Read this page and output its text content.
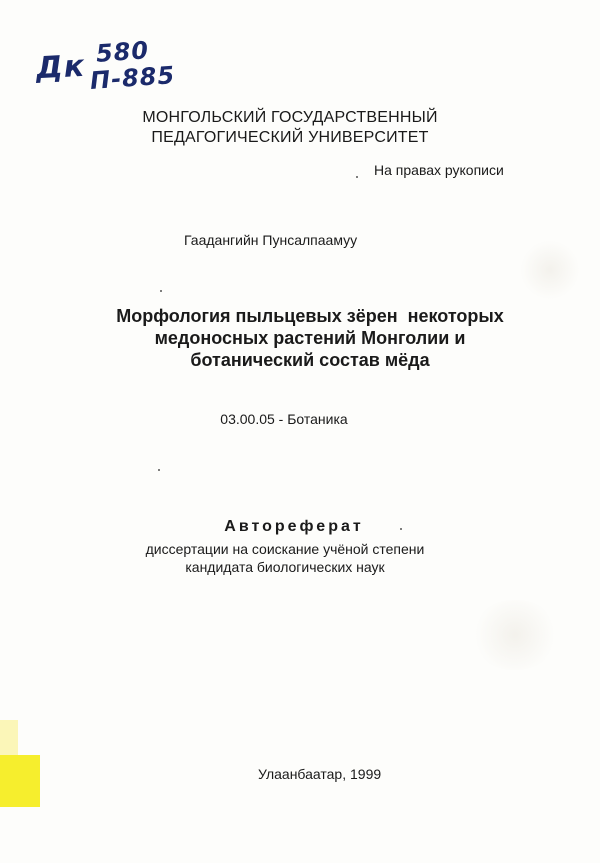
Дк 580
П-885
МОНГОЛЬСКИЙ ГОСУДАРСТВЕННЫЙ
ПЕДАГОГИЧЕСКИЙ УНИВЕРСИТЕТ
На правах рукописи
Гаадангийн Пунсалпаамуу
Морфология пыльцевых зёрен  некоторых
медоносных растений Монголии и
ботанический состав мёда
03.00.05 - Ботаника
Автореферат
диссертации на соискание учёной степени
кандидата биологических наук
Улаанбаатар, 1999
